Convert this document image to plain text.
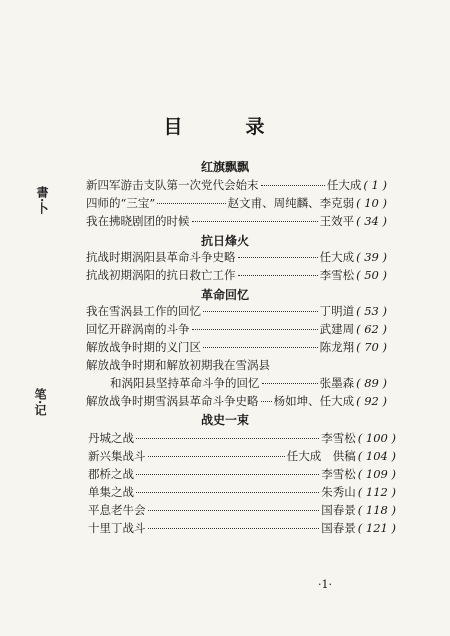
目　录
書·卜
笔·记
红旗飘飘
新四军游击支队第一次党代会始末	任大成 ( 1 )
四师的“三宝”	赵文甫、周纯麟、李克弱 ( 10 )
我在拂晓剧团的时候	王效平 ( 34 )
抗日烽火
抗战时期涡阳县革命斗争史略	任大成 ( 39 )
抗战初期涡阳的抗日救亡工作	李雪松 ( 50 )
革命回忆
我在雪涡县工作的回忆	丁明道 ( 53 )
回忆开辟涡南的斗争	武建周 ( 62 )
解放战争时期的义门区	陈龙翔 ( 70 )
解放战争时期和解放初期我在雪涡县
和涡阳县坚持革命斗争的回忆	张墨森 ( 89 )
解放战争时期雪涡县革命斗争史略 杨如坤、任大成 ( 92 )
战史一束
丹城之战	李雪松 ( 100 )
新兴集战斗	任大成　供稿 ( 104 )
郡桥之战	李雪松 ( 109 )
单集之战	朱秀山 ( 112 )
平息老牛会	国春景 ( 118 )
十里丁战斗	国春景 ( 121 )
·1·
